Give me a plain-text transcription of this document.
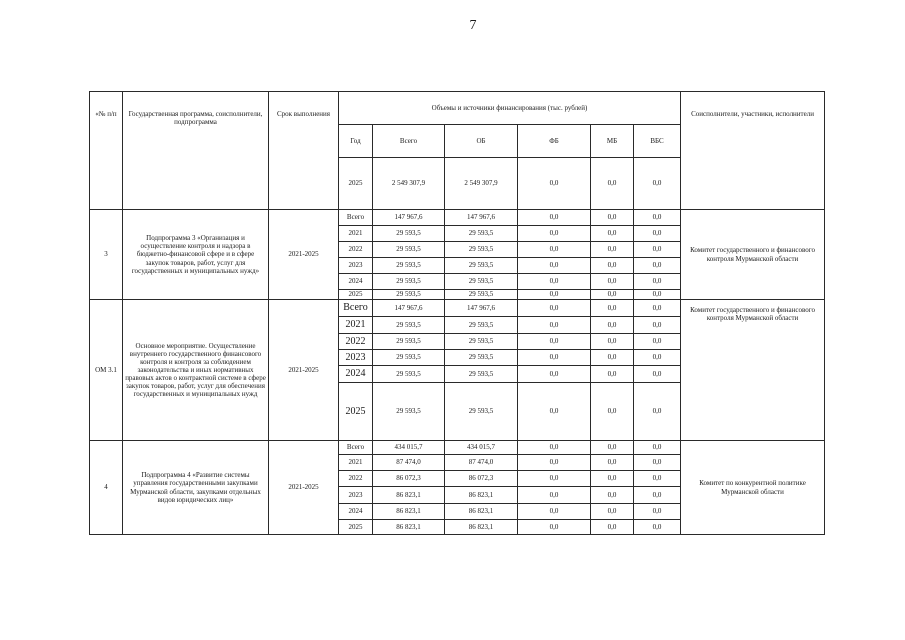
7
«№ п/п	Государственная программа, соисполнители, подпрограмма	Срок выполнения	Объемы и источники финансирования (тыс. рублей)						Соисполнители, участники, исполнители
			Год	Всего	ОБ	ФБ	МБ	ВБС	
			2025	2 549 307,9	2 549 307,9	0,0	0,0	0,0	
3	Подпрограмма 3 «Организация и осуществление контроля и надзора в бюджетно-финансовой сфере и в сфере закупок товаров, работ, услуг для государственных и муниципальных нужд»	2021-2025	Всего	147 967,6	147 967,6	0,0	0,0	0,0	Комитет государственного и финансового контроля Мурманской области
			2021	29 593,5	29 593,5	0,0	0,0	0,0	
			2022	29 593,5	29 593,5	0,0	0,0	0,0	
			2023	29 593,5	29 593,5	0,0	0,0	0,0	
			2024	29 593,5	29 593,5	0,0	0,0	0,0	
			2025	29 593,5	29 593,5	0,0	0,0	0,0	
ОМ 3.1	Основное мероприятие. Осуществление внутреннего государственного финансового контроля и контроля за соблюдением законодательства и иных нормативных правовых актов о контрактной системе в сфере закупок товаров, работ, услуг для обеспечения государственных и муниципальных нужд	2021-2025	Всего	147 967,6	147 967,6	0,0	0,0	0,0	Комитет государственного и финансового контроля Мурманской области
			2021	29 593,5	29 593,5	0,0	0,0	0,0	
			2022	29 593,5	29 593,5	0,0	0,0	0,0	
			2023	29 593,5	29 593,5	0,0	0,0	0,0	
			2024	29 593,5	29 593,5	0,0	0,0	0,0	
			2025	29 593,5	29 593,5	0,0	0,0	0,0	
4	Подпрограмма 4 «Развитие системы управления государственными закупками Мурманской области, закупками отдельных видов юридических лиц»	2021-2025	Всего	434 015,7	434 015,7	0,0	0,0	0,0	Комитет по конкурентной политике Мурманской области
			2021	87 474,0	87 474,0	0,0	0,0	0,0	
			2022	86 072,3	86 072,3	0,0	0,0	0,0	
			2023	86 823,1	86 823,1	0,0	0,0	0,0	
			2024	86 823,1	86 823,1	0,0	0,0	0,0	
			2025	86 823,1	86 823,1	0,0	0,0	0,0	
